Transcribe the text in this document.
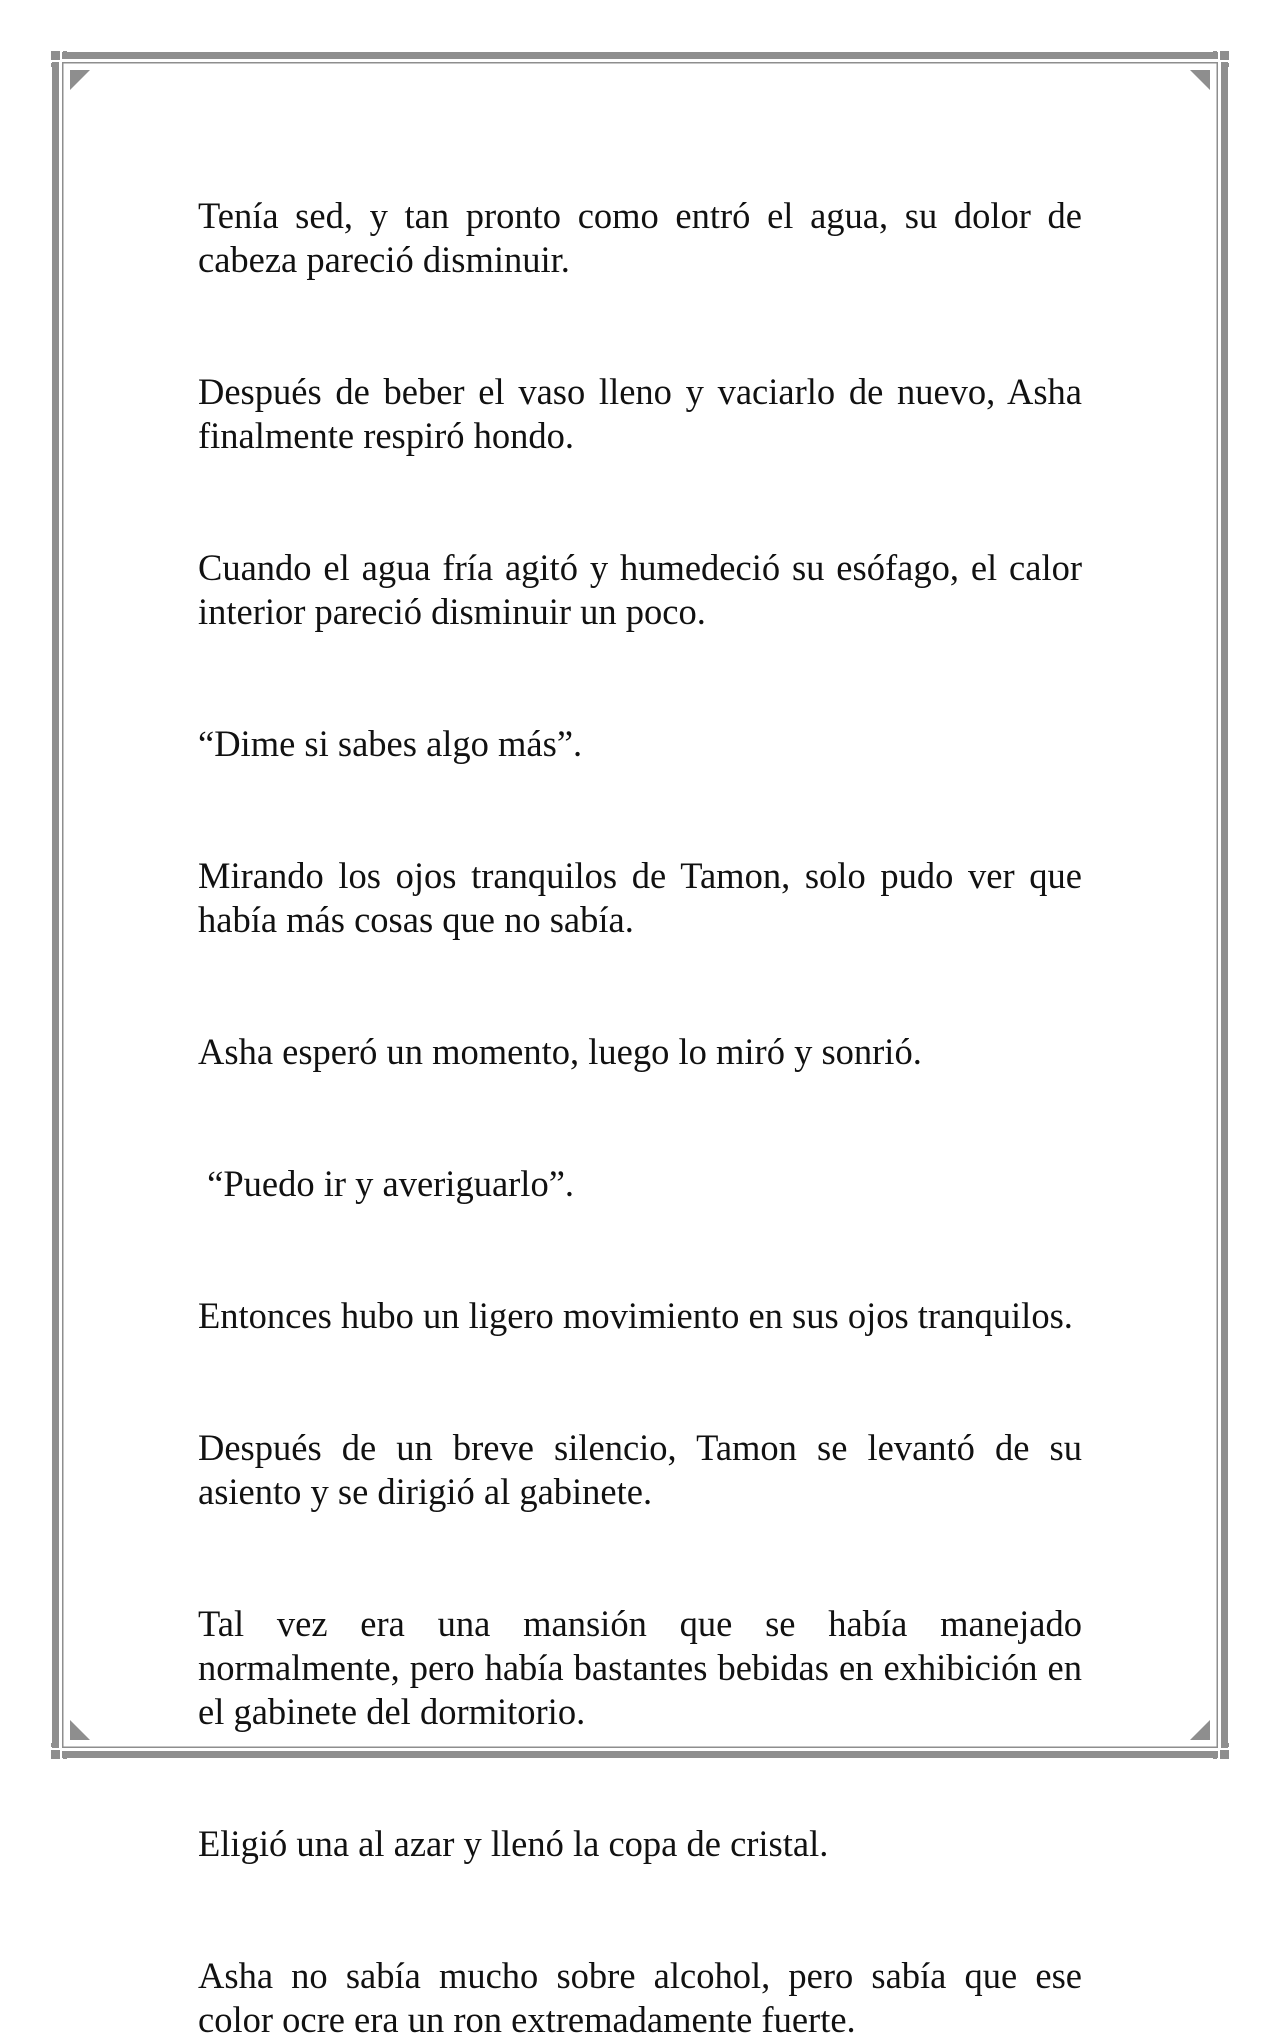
Tenía sed, y tan pronto como entró el agua, su dolor de cabeza pareció disminuir.

Después de beber el vaso lleno y vaciarlo de nuevo, Asha finalmente respiró hondo.

Cuando el agua fría agitó y humedeció su esófago, el calor interior pareció disminuir un poco.

“Dime si sabes algo más”.

Mirando los ojos tranquilos de Tamon, solo pudo ver que había más cosas que no sabía.

Asha esperó un momento, luego lo miró y sonrió.

“Puedo ir y averiguarlo”.

Entonces hubo un ligero movimiento en sus ojos tranquilos.

Después de un breve silencio, Tamon se levantó de su asiento y se dirigió al gabinete.

Tal vez era una mansión que se había manejado normalmente, pero había bastantes bebidas en exhibición en el gabinete del dormitorio.

Eligió una al azar y llenó la copa de cristal.

Asha no sabía mucho sobre alcohol, pero sabía que ese color ocre era un ron extremadamente fuerte.
